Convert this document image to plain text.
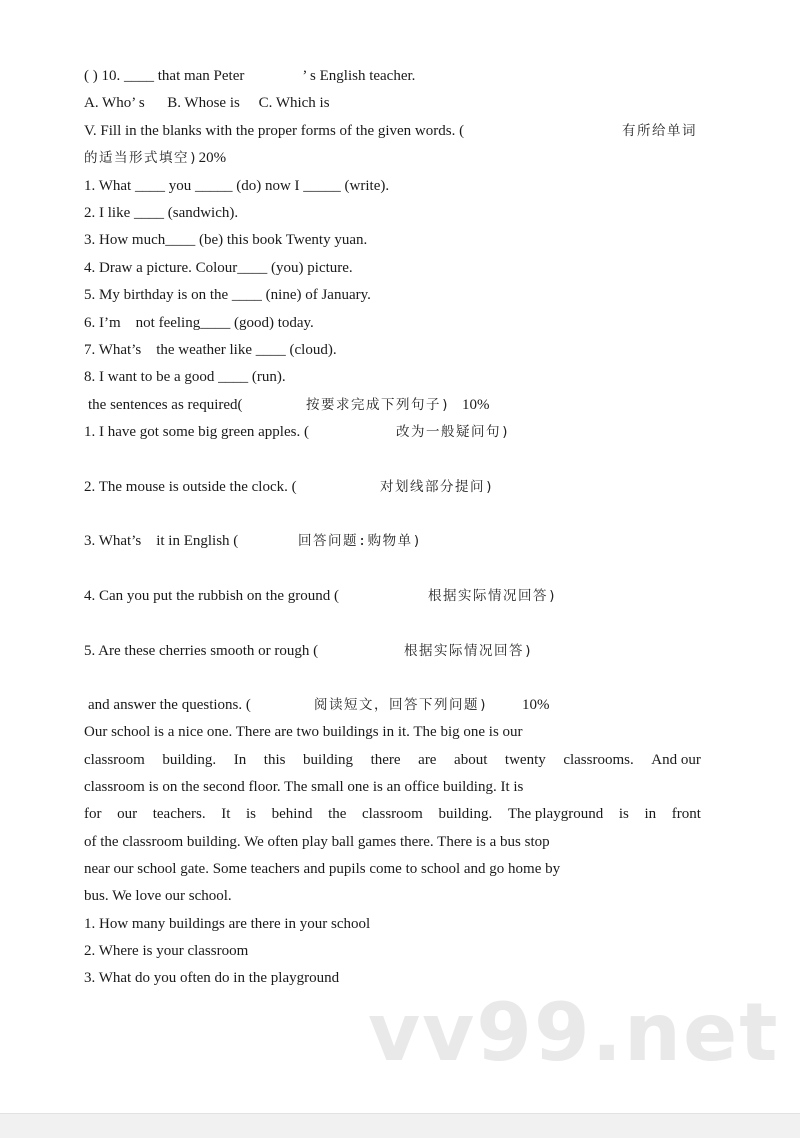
( ) 10. ____ that man Peter	’ s English teacher.

A. Who’ s      B. Whose is     C. Which is

V. Fill in the blanks with the proper forms of the given words. (	有所给单词

的适当形式填空)20%

1. What ____ you _____ (do) now I _____ (write).

2. I like ____ (sandwich).

3. How much____ (be) this book Twenty yuan.

4. Draw a picture. Colour____ (you) picture.

5. My birthday is on the ____ (nine) of January.

6. I’m    not feeling____ (good) today.

7. What’s    the weather like ____ (cloud).

8. I want to be a good ____ (run).

the sentences as required(	按要求完成下列句子) 10%

1. I have got some big green apples. (	改为一般疑问句)

2. The mouse is outside the clock. (	对划线部分提问)

3. What’s    it in English (	回答问题:购物单)

4. Can you put the rubbish on the ground (	根据实际情况回答)

5. Are these cherries smooth or rough (	根据实际情况回答)

and answer the questions. (	阅读短文，回答下列问题) 10%

Our school is a nice one. There are two buildings in it. The big one is our

classroom building. In this building there are about twenty classrooms. And our

classroom is on the second floor. The small one is an office building. It is

for our teachers. It is behind the classroom building. The playground is in front

of the classroom building. We often play ball games there. There is a bus stop

near our school gate. Some teachers and pupils come to school and go home by

bus. We love our school.

1. How many buildings are there in your school

2. Where is your classroom

3. What do you often do in the playground

vv99.net
